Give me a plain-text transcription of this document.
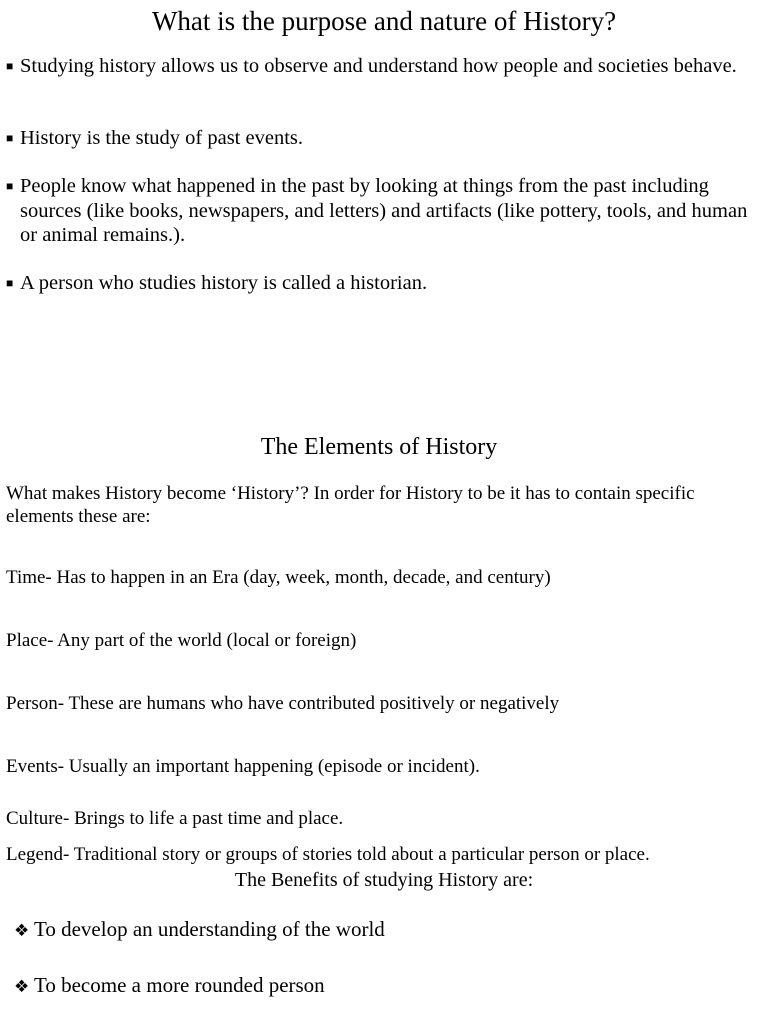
What is the purpose and nature of History?
■ Studying history allows us to observe and understand how people and societies behave.
■ History is the study of past events.
■ People know what happened in the past by looking at things from the past including sources (like books, newspapers, and letters) and artifacts (like pottery, tools, and human or animal remains.).
■ A person who studies history is called a historian.
The Elements of History
What makes History become ‘History’? In order for History to be it has to contain specific elements these are:
Time- Has to happen in an Era (day, week, month, decade, and century)
Place- Any part of the world (local or foreign)
Person- These are humans who have contributed positively or negatively
Events- Usually an important happening (episode or incident).
Culture- Brings to life a past time and place.
Legend- Traditional story or groups of stories told about a particular person or place.
The Benefits of studying History are:
❖ To develop an understanding of the world
❖ To become a more rounded person
